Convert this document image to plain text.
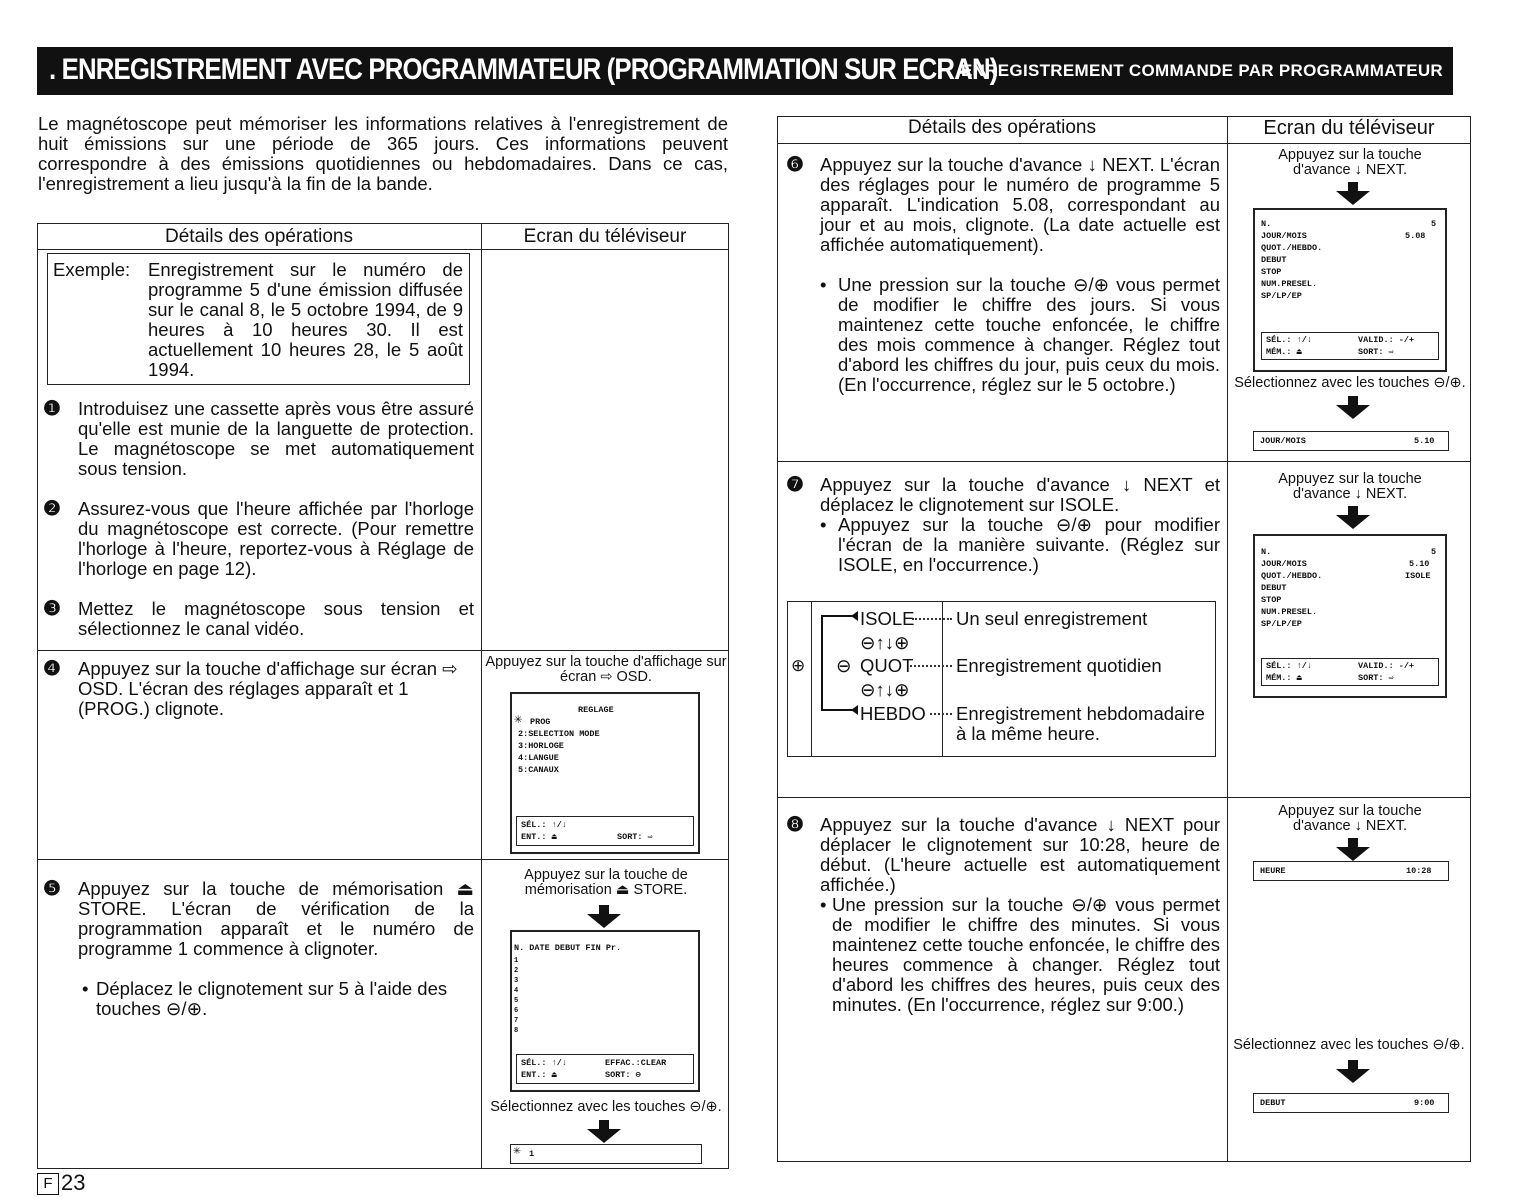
. ENREGISTREMENT AVEC PROGRAMMATEUR (PROGRAMMATION SUR ECRAN)
ENREGISTREMENT COMMANDE PAR PROGRAMMATEUR
Le magnétoscope peut mémoriser les informations relatives à l'enregistrement de huit émissions sur une période de 365 jours. Ces informations peuvent correspondre à des émissions quotidiennes ou hebdomadaires. Dans ce cas, l'enregistrement a lieu jusqu'à la fin de la bande.
Détails des opérations	Ecran du téléviseur
Exemple: Enregistrement sur le numéro de programme 5 d'une émission diffusée sur le canal 8, le 5 octobre 1994, de 9 heures à 10 heures 30. Il est actuellement 10 heures 28, le 5 août 1994.
❶ Introduisez une cassette après vous être assuré qu'elle est munie de la languette de protection. Le magnétoscope se met automatiquement sous tension.
❷ Assurez-vous que l'heure affichée par l'horloge du magnétoscope est correcte. (Pour remettre l'horloge à l'heure, reportez-vous à Réglage de l'horloge en page 12).
❸ Mettez le magnétoscope sous tension et sélectionnez le canal vidéo.
❹ Appuyez sur la touche d'affichage sur écran ⇨ OSD. L'écran des réglages apparaît et 1 (PROG.) clignote.
Appuyez sur la touche d'affichage sur écran ⇨ OSD.
REGLAGE
✳ PROG
2:SELECTION MODE
3:HORLOGE
4:LANGUE
5:CANAUX
SÉL.: ↑/↓
ENT.: ⏏	SORT: ⇨
❺ Appuyez sur la touche de mémorisation ⏏ STORE. L'écran de vérification de la programmation apparaît et le numéro de programme 1 commence à clignoter.
• Déplacez le clignotement sur 5 à l'aide des touches ⊖/⊕.
Appuyez sur la touche de mémorisation ⏏ STORE.
N. DATE DEBUT FIN Pr.
1
2
3
4
5
6
7
8
SÉL.: ↑/↓	EFFAC.:CLEAR
ENT.: ⏏	SORT: ⊖
Sélectionnez avec les touches ⊖/⊕.
✳ 1
Détails des opérations	Ecran du téléviseur
❻ Appuyez sur la touche d'avance ↓ NEXT. L'écran des réglages pour le numéro de programme 5 apparaît. L'indication 5.08, correspondant au jour et au mois, clignote. (La date actuelle est affichée automatiquement).
• Une pression sur la touche ⊖/⊕ vous permet de modifier le chiffre des jours. Si vous maintenez cette touche enfoncée, le chiffre des mois commence à changer. Réglez tout d'abord les chiffres du jour, puis ceux du mois. (En l'occurrence, réglez sur le 5 octobre.)
Appuyez sur la touche d'avance ↓ NEXT.
N.	5
JOUR/MOIS	5.08
QUOT./HEBDO.
DEBUT
STOP
NUM.PRESEL.
SP/LP/EP
SÉL.: ↑/↓	VALID.: -/+
MÉM.: ⏏	SORT: ⇨
Sélectionnez avec les touches ⊖/⊕.
JOUR/MOIS	5.10
❼ Appuyez sur la touche d'avance ↓ NEXT et déplacez le clignotement sur ISOLE.
• Appuyez sur la touche ⊖/⊕ pour modifier l'écran de la manière suivante. (Réglez sur ISOLE, en l'occurrence.)
⊕
ISOLE Un seul enregistrement
⊖↑↓⊕
⊖ QUOT Enregistrement quotidien
⊖↑↓⊕
HEBDO Enregistrement hebdomadaire à la même heure.
Appuyez sur la touche d'avance ↓ NEXT.
N.	5
JOUR/MOIS	5.10
QUOT./HEBDO.	ISOLE
DEBUT
STOP
NUM.PRESEL.
SP/LP/EP
SÉL.: ↑/↓	VALID.: -/+
MÉM.: ⏏	SORT: ⇨
❽ Appuyez sur la touche d'avance ↓ NEXT pour déplacer le clignotement sur 10:28, heure de début. (L'heure actuelle est automatiquement affichée.)
• Une pression sur la touche ⊖/⊕ vous permet de modifier le chiffre des minutes. Si vous maintenez cette touche enfoncée, le chiffre des heures commence à changer. Réglez tout d'abord les chiffres des heures, puis ceux des minutes. (En l'occurrence, réglez sur 9:00.)
Appuyez sur la touche d'avance ↓ NEXT.
HEURE	10:28
Sélectionnez avec les touches ⊖/⊕.
DEBUT	9:00
F 23
